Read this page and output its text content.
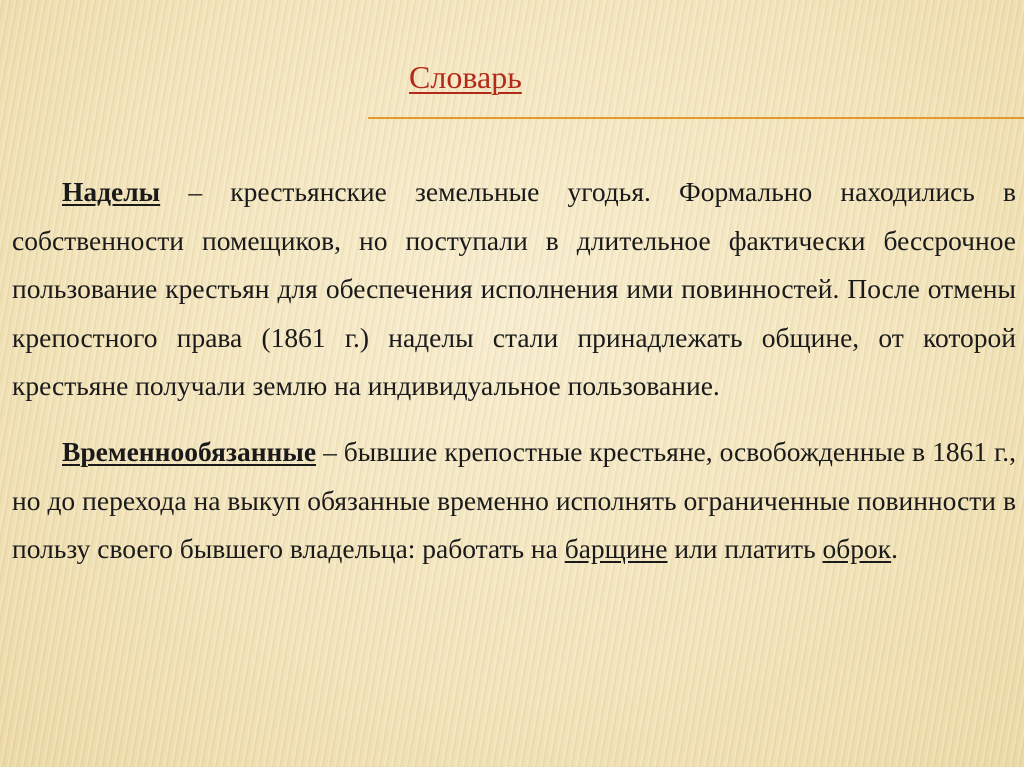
Словарь

Наделы – крестьянские земельные угодья. Формально находились в собственности помещиков, но поступали в длительное фактически бессрочное пользование крестьян для обеспечения исполнения ими повинностей. После отмены крепостного права (1861 г.) наделы стали принадлежать общине, от которой крестьяне получали землю на индивидуальное пользование.

Временнообязанные – бывшие крепостные крестьяне, освобожденные в 1861 г., но до перехода на выкуп обязанные временно исполнять ограниченные повинности в пользу своего бывшего владельца: работать на барщине или платить оброк.
